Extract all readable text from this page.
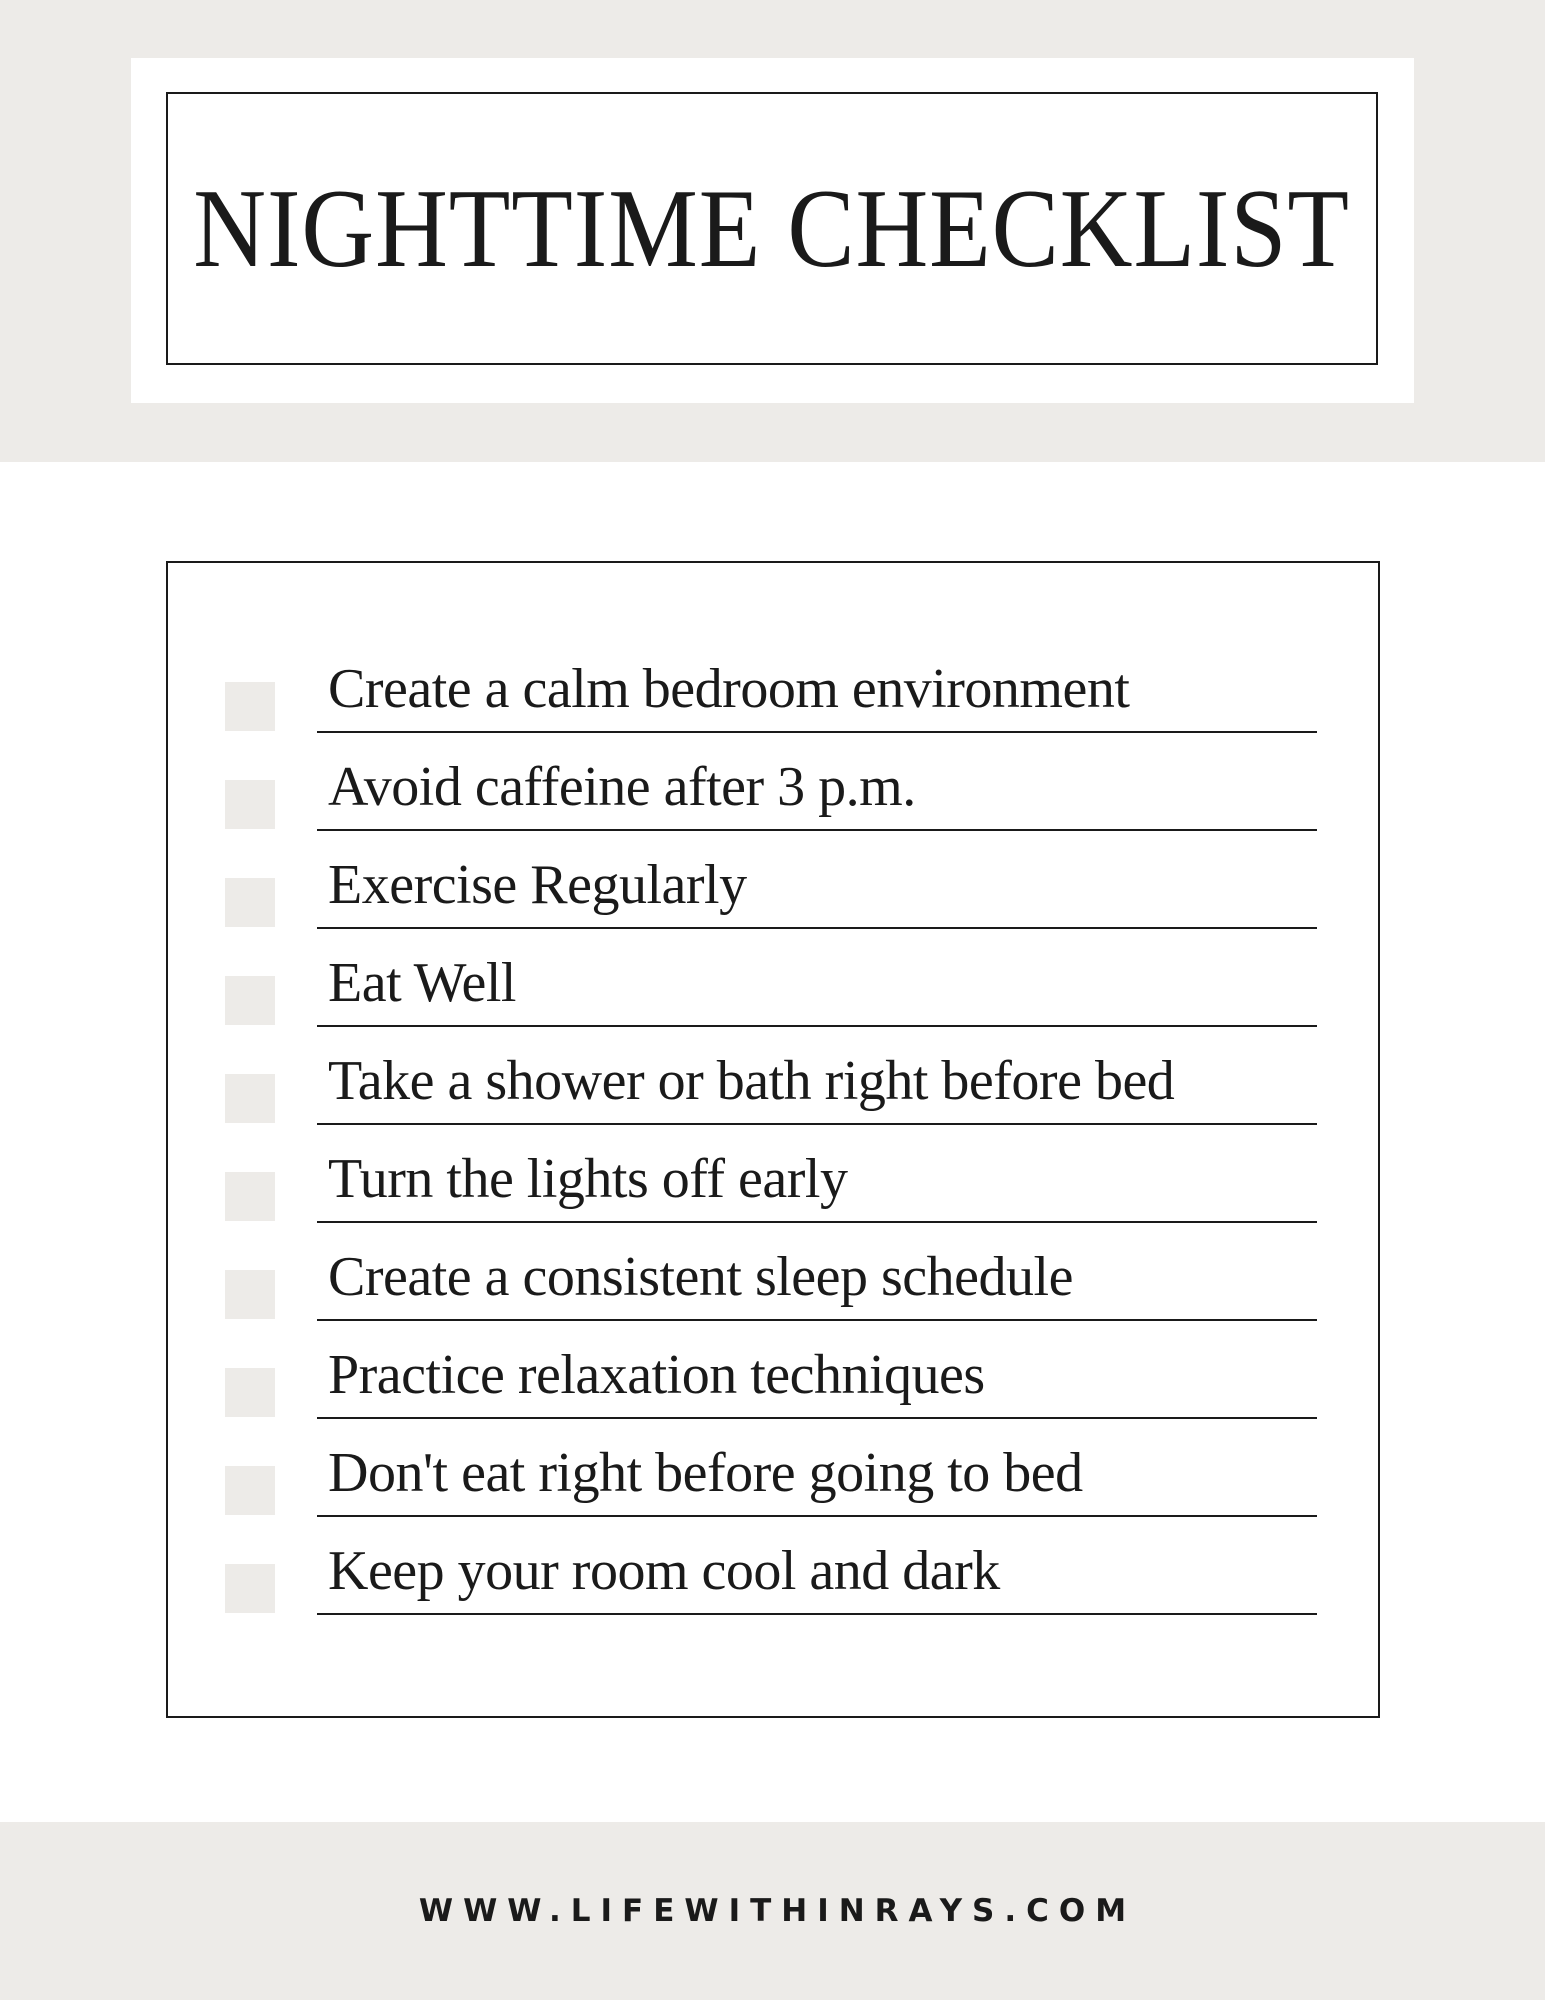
NIGHTTIME CHECKLIST
Create a calm bedroom environment
Avoid caffeine after 3 p.m.
Exercise Regularly
Eat Well
Take a shower or bath right before bed
Turn the lights off early
Create a consistent sleep schedule
Practice relaxation techniques
Don't eat right before going to bed
Keep your room cool and dark
WWW.LIFEWITHINRAYS.COM
